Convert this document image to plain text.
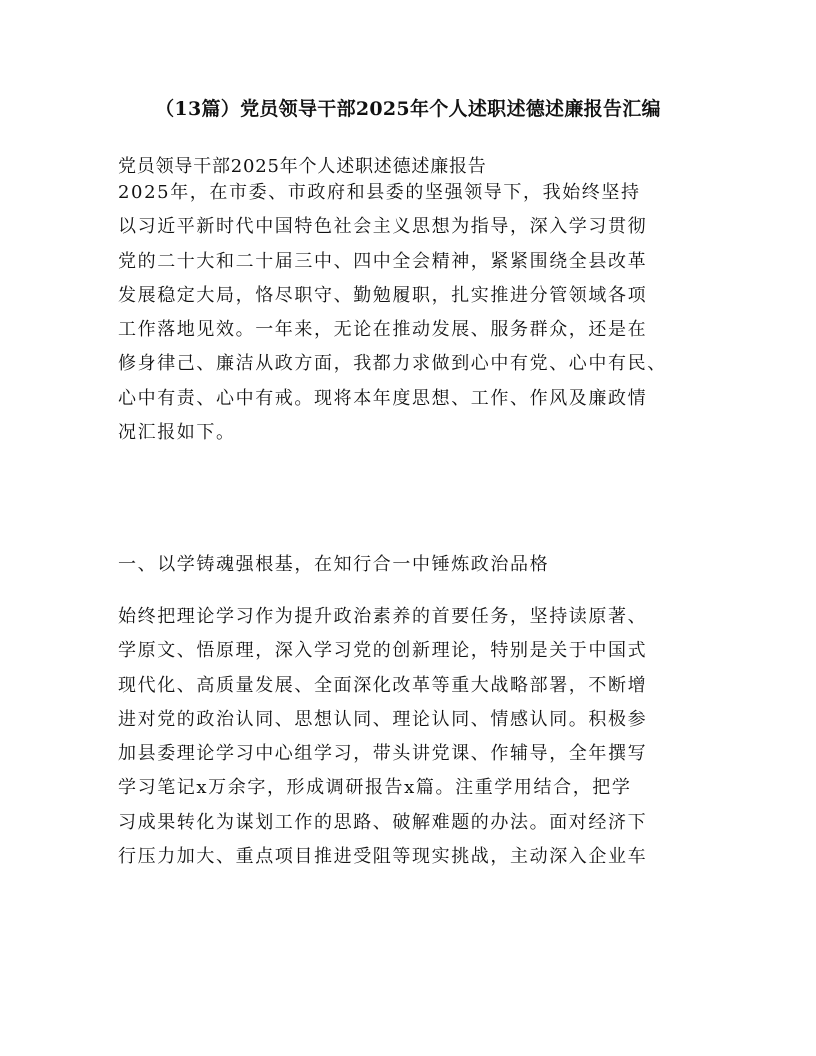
（13篇）党员领导干部2025年个人述职述德述廉报告汇编
党员领导干部2025年个人述职述德述廉报告
2025年，在市委、市政府和县委的坚强领导下，我始终坚持
以习近平新时代中国特色社会主义思想为指导，深入学习贯彻
党的二十大和二十届三中、四中全会精神，紧紧围绕全县改革
发展稳定大局，恪尽职守、勤勉履职，扎实推进分管领域各项
工作落地见效。一年来，无论在推动发展、服务群众，还是在
修身律己、廉洁从政方面，我都力求做到心中有党、心中有民、
心中有责、心中有戒。现将本年度思想、工作、作风及廉政情
况汇报如下。
一、以学铸魂强根基，在知行合一中锤炼政治品格
始终把理论学习作为提升政治素养的首要任务，坚持读原著、
学原文、悟原理，深入学习党的创新理论，特别是关于中国式
现代化、高质量发展、全面深化改革等重大战略部署，不断增
进对党的政治认同、思想认同、理论认同、情感认同。积极参
加县委理论学习中心组学习，带头讲党课、作辅导，全年撰写
学习笔记x万余字，形成调研报告x篇。注重学用结合，把学
习成果转化为谋划工作的思路、破解难题的办法。面对经济下
行压力加大、重点项目推进受阻等现实挑战，主动深入企业车
